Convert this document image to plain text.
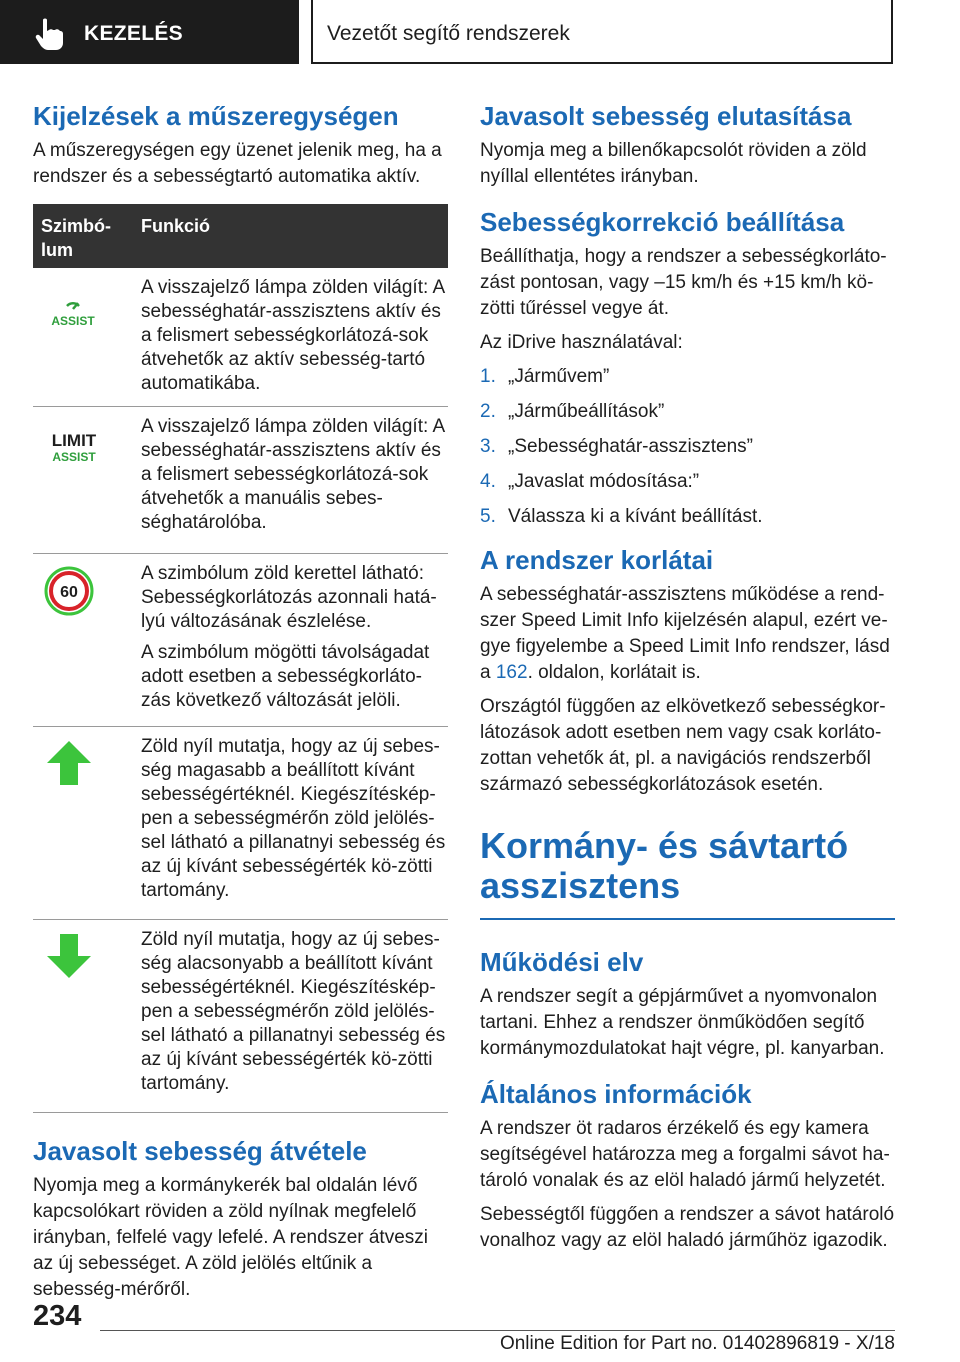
KEZELÉS	Vezetőt segítő rendszerek
Kijelzések a műszeregységen
A műszeregységen egy üzenet jelenik meg, ha a rendszer és a sebességtartó automatika aktív.
Szimbó-lum
Funkció
ASSIST
A visszajelző lámpa zölden világít: A sebességhatár-asszisztens aktív és a felismert sebességkorlátozá-sok átvehetők az aktív sebesség-tartó automatikába.
LIMIT
ASSIST
A visszajelző lámpa zölden világít: A sebességhatár-asszisztens aktív és a felismert sebességkorlátozá-sok átvehetők a manuális sebes-séghatárolóba.
60
A szimbólum zöld kerettel látható: Sebességkorlátozás azonnali hatá-lyú változásának észlelése.
A szimbólum mögötti távolságadat adott esetben a sebességkorláto-zás következő változását jelöli.
Zöld nyíl mutatja, hogy az új sebes-ség magasabb a beállított kívánt sebességértéknél. Kiegészítéskép-pen a sebességmérőn zöld jelölés-sel látható a pillanatnyi sebesség és az új kívánt sebességérték kö-zötti tartomány.
Zöld nyíl mutatja, hogy az új sebes-ség alacsonyabb a beállított kívánt sebességértéknél. Kiegészítéskép-pen a sebességmérőn zöld jelölés-sel látható a pillanatnyi sebesség és az új kívánt sebességérték kö-zötti tartomány.
Javasolt sebesség átvétele
Nyomja meg a kormánykerék bal oldalán lévő kapcsolókart röviden a zöld nyílnak megfelelő irányban, felfelé vagy lefelé. A rendszer átveszi az új sebességet. A zöld jelölés eltűnik a sebesség-mérőről.
Javasolt sebesség elutasítása
Nyomja meg a billenőkapcsolót röviden a zöld nyíllal ellentétes irányban.
Sebességkorrekció beállítása
Beállíthatja, hogy a rendszer a sebességkorláto-zást pontosan, vagy –15 km/h és +15 km/h kö-zötti tűréssel vegye át.
Az iDrive használatával:
1. „Járművem”
2. „Járműbeállítások”
3. „Sebességhatár-asszisztens”
4. „Javaslat módosítása:”
5. Válassza ki a kívánt beállítást.
A rendszer korlátai
A sebességhatár-asszisztens működése a rend-szer Speed Limit Info kijelzésén alapul, ezért ve-gye figyelembe a Speed Limit Info rendszer, lásd a 162. oldalon, korlátait is.
Országtól függően az elkövetkező sebességkor-látozások adott esetben nem vagy csak korláto-zottan vehetők át, pl. a navigációs rendszerből származó sebességkorlátozások esetén.
Kormány- és sávtartó
asszisztens
Működési elv
A rendszer segít a gépjárművet a nyomvonalon tartani. Ehhez a rendszer önműködően segítő kormánymozdulatokat hajt végre, pl. kanyarban.
Általános információk
A rendszer öt radaros érzékelő és egy kamera segítségével határozza meg a forgalmi sávot ha-tároló vonalak és az elöl haladó jármű helyzetét.
Sebességtől függően a rendszer a sávot határoló vonalhoz vagy az elöl haladó járműhöz igazodik.
234
Online Edition for Part no. 01402896819 - X/18
